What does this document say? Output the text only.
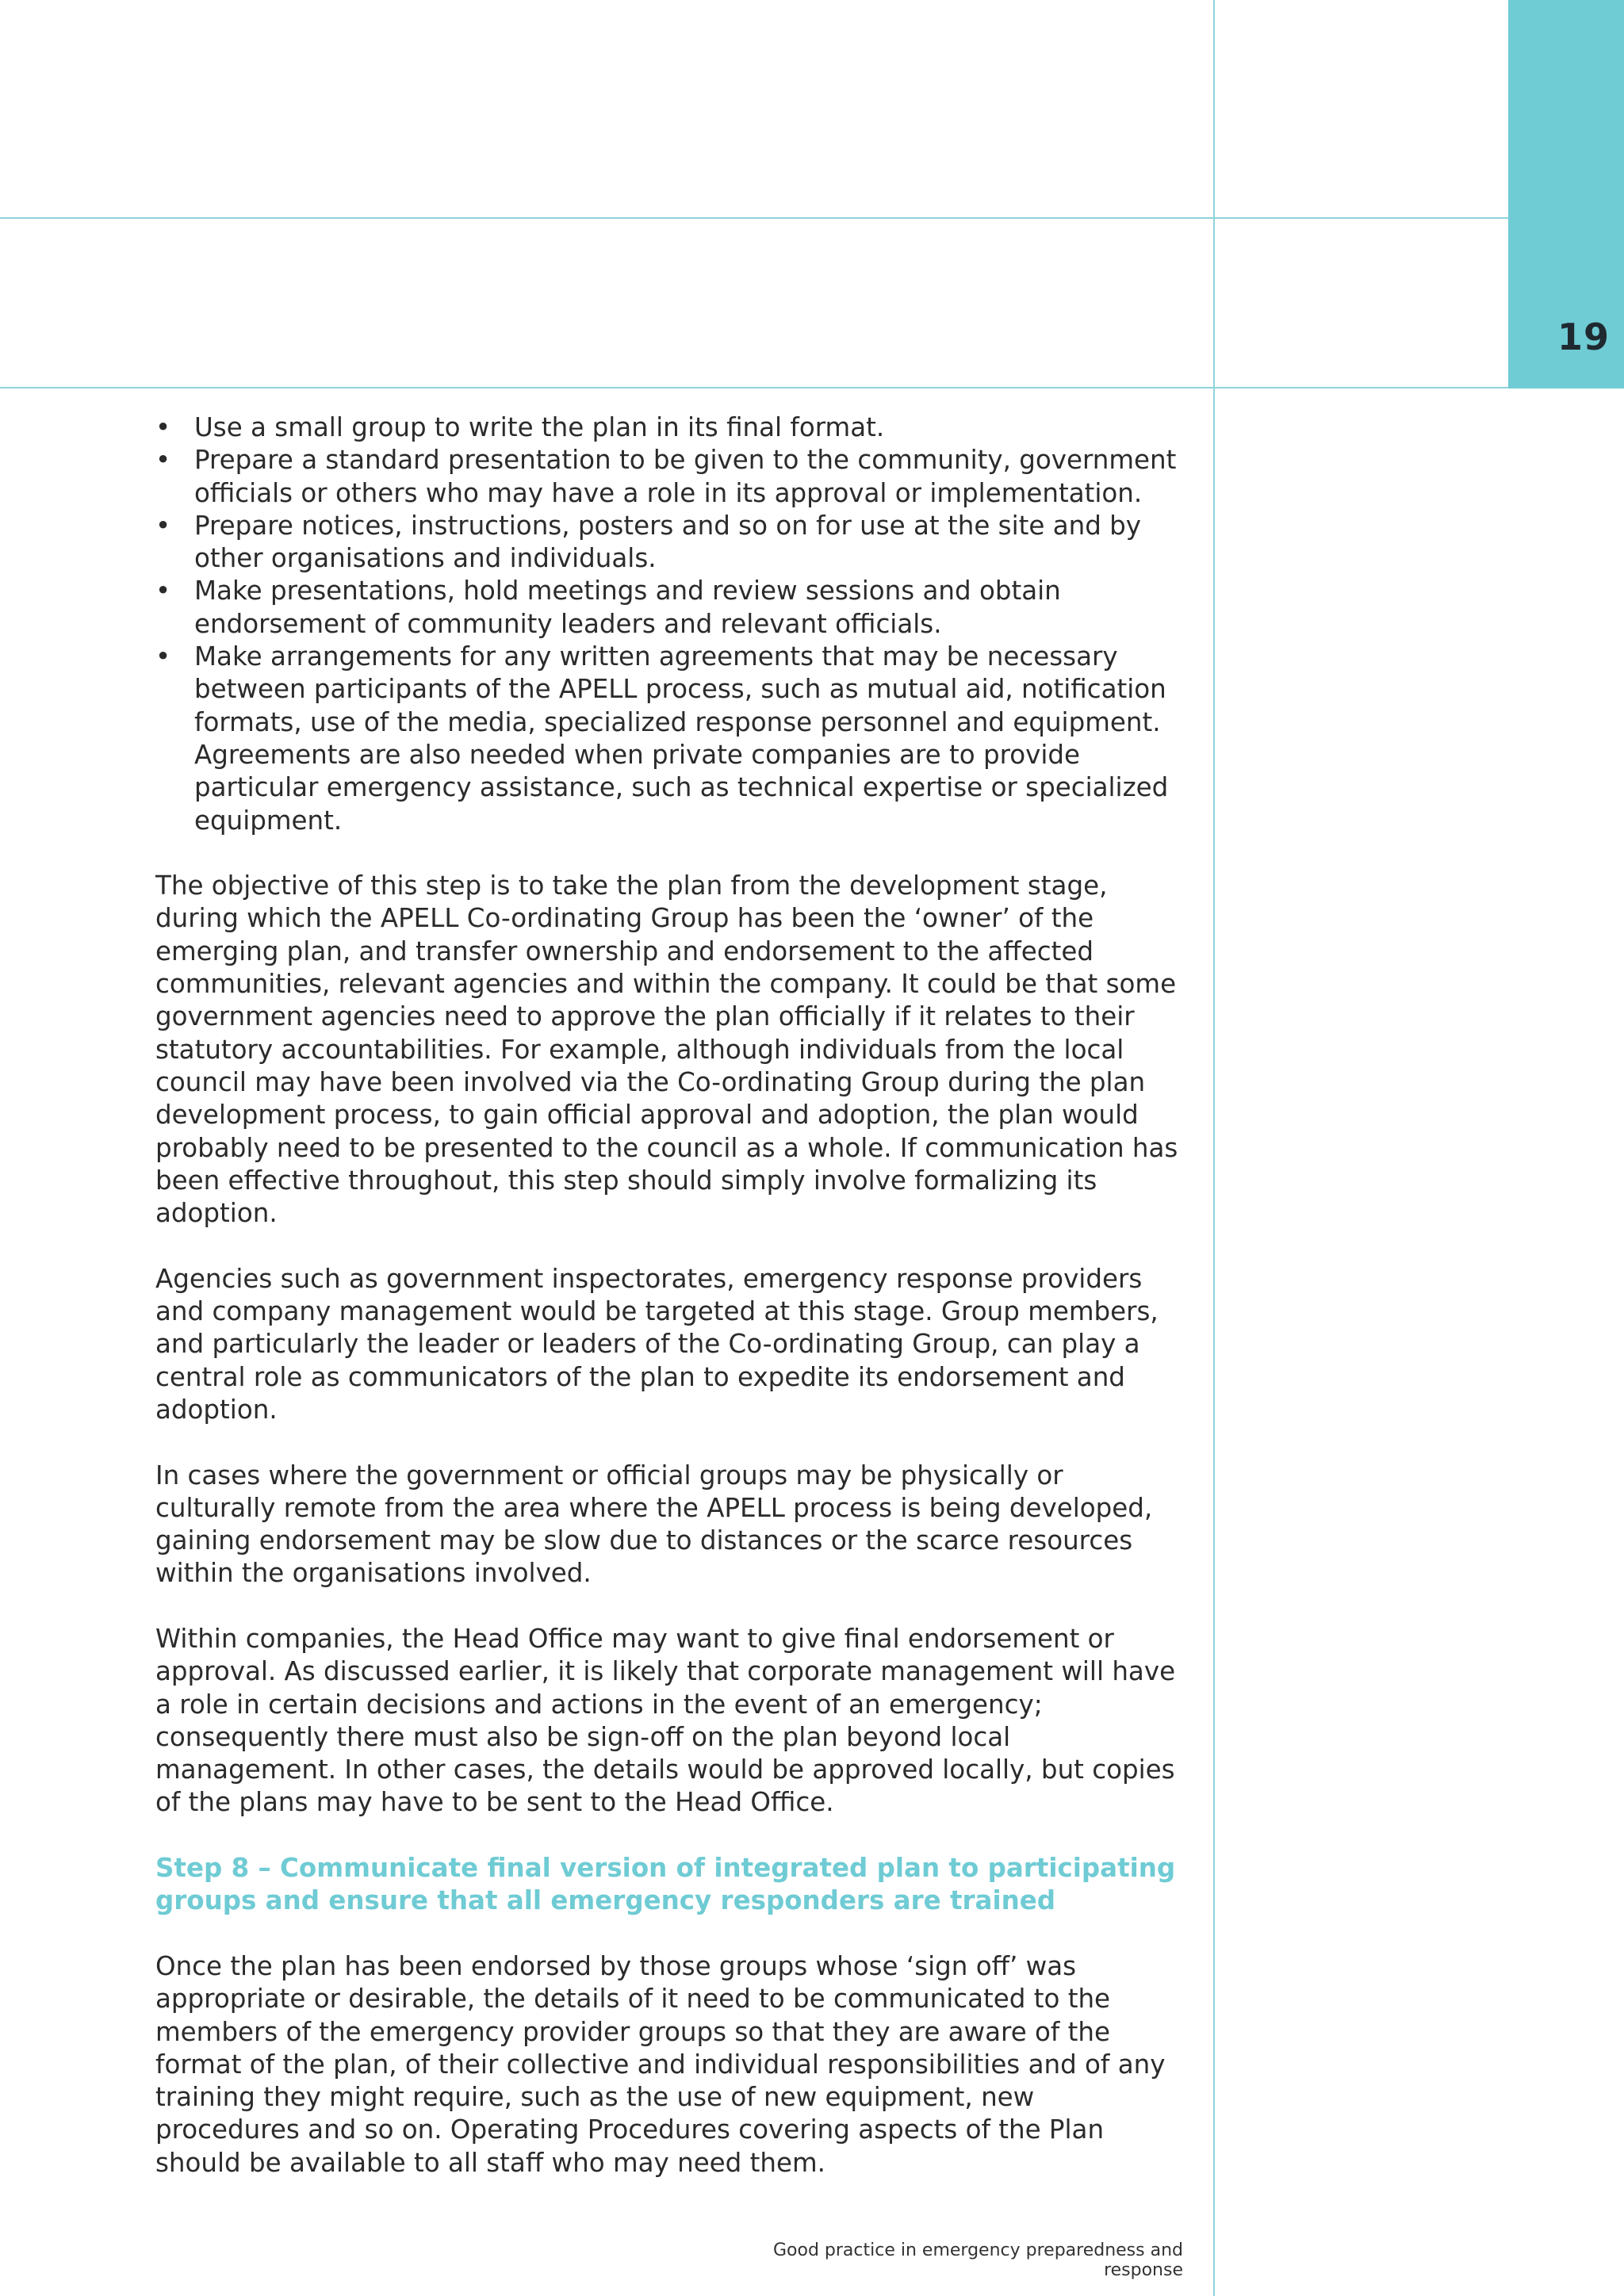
19
• Use a small group to write the plan in its final format.
• Prepare a standard presentation to be given to the community, government officials or others who may have a role in its approval or implementation.
• Prepare notices, instructions, posters and so on for use at the site and by other organisations and individuals.
• Make presentations, hold meetings and review sessions and obtain endorsement of community leaders and relevant officials.
• Make arrangements for any written agreements that may be necessary between participants of the APELL process, such as mutual aid, notification formats, use of the media, specialized response personnel and equipment. Agreements are also needed when private companies are to provide particular emergency assistance, such as technical expertise or specialized equipment.

The objective of this step is to take the plan from the development stage, during which the APELL Co-ordinating Group has been the ‘owner’ of the emerging plan, and transfer ownership and endorsement to the affected communities, relevant agencies and within the company. It could be that some government agencies need to approve the plan officially if it relates to their statutory accountabilities. For example, although individuals from the local council may have been involved via the Co-ordinating Group during the plan development process, to gain official approval and adoption, the plan would probably need to be presented to the council as a whole. If communication has been effective throughout, this step should simply involve formalizing its adoption.

Agencies such as government inspectorates, emergency response providers and company management would be targeted at this stage. Group members, and particularly the leader or leaders of the Co-ordinating Group, can play a central role as communicators of the plan to expedite its endorsement and adoption.

In cases where the government or official groups may be physically or culturally remote from the area where the APELL process is being developed, gaining endorsement may be slow due to distances or the scarce resources within the organisations involved.

Within companies, the Head Office may want to give final endorsement or approval. As discussed earlier, it is likely that corporate management will have a role in certain decisions and actions in the event of an emergency; consequently there must also be sign-off on the plan beyond local management. In other cases, the details would be approved locally, but copies of the plans may have to be sent to the Head Office.

Step 8 – Communicate final version of integrated plan to participating groups and ensure that all emergency responders are trained

Once the plan has been endorsed by those groups whose ‘sign off’ was appropriate or desirable, the details of it need to be communicated to the members of the emergency provider groups so that they are aware of the format of the plan, of their collective and individual responsibilities and of any training they might require, such as the use of new equipment, new procedures and so on. Operating Procedures covering aspects of the Plan should be available to all staff who may need them.

Good practice in emergency preparedness and response
